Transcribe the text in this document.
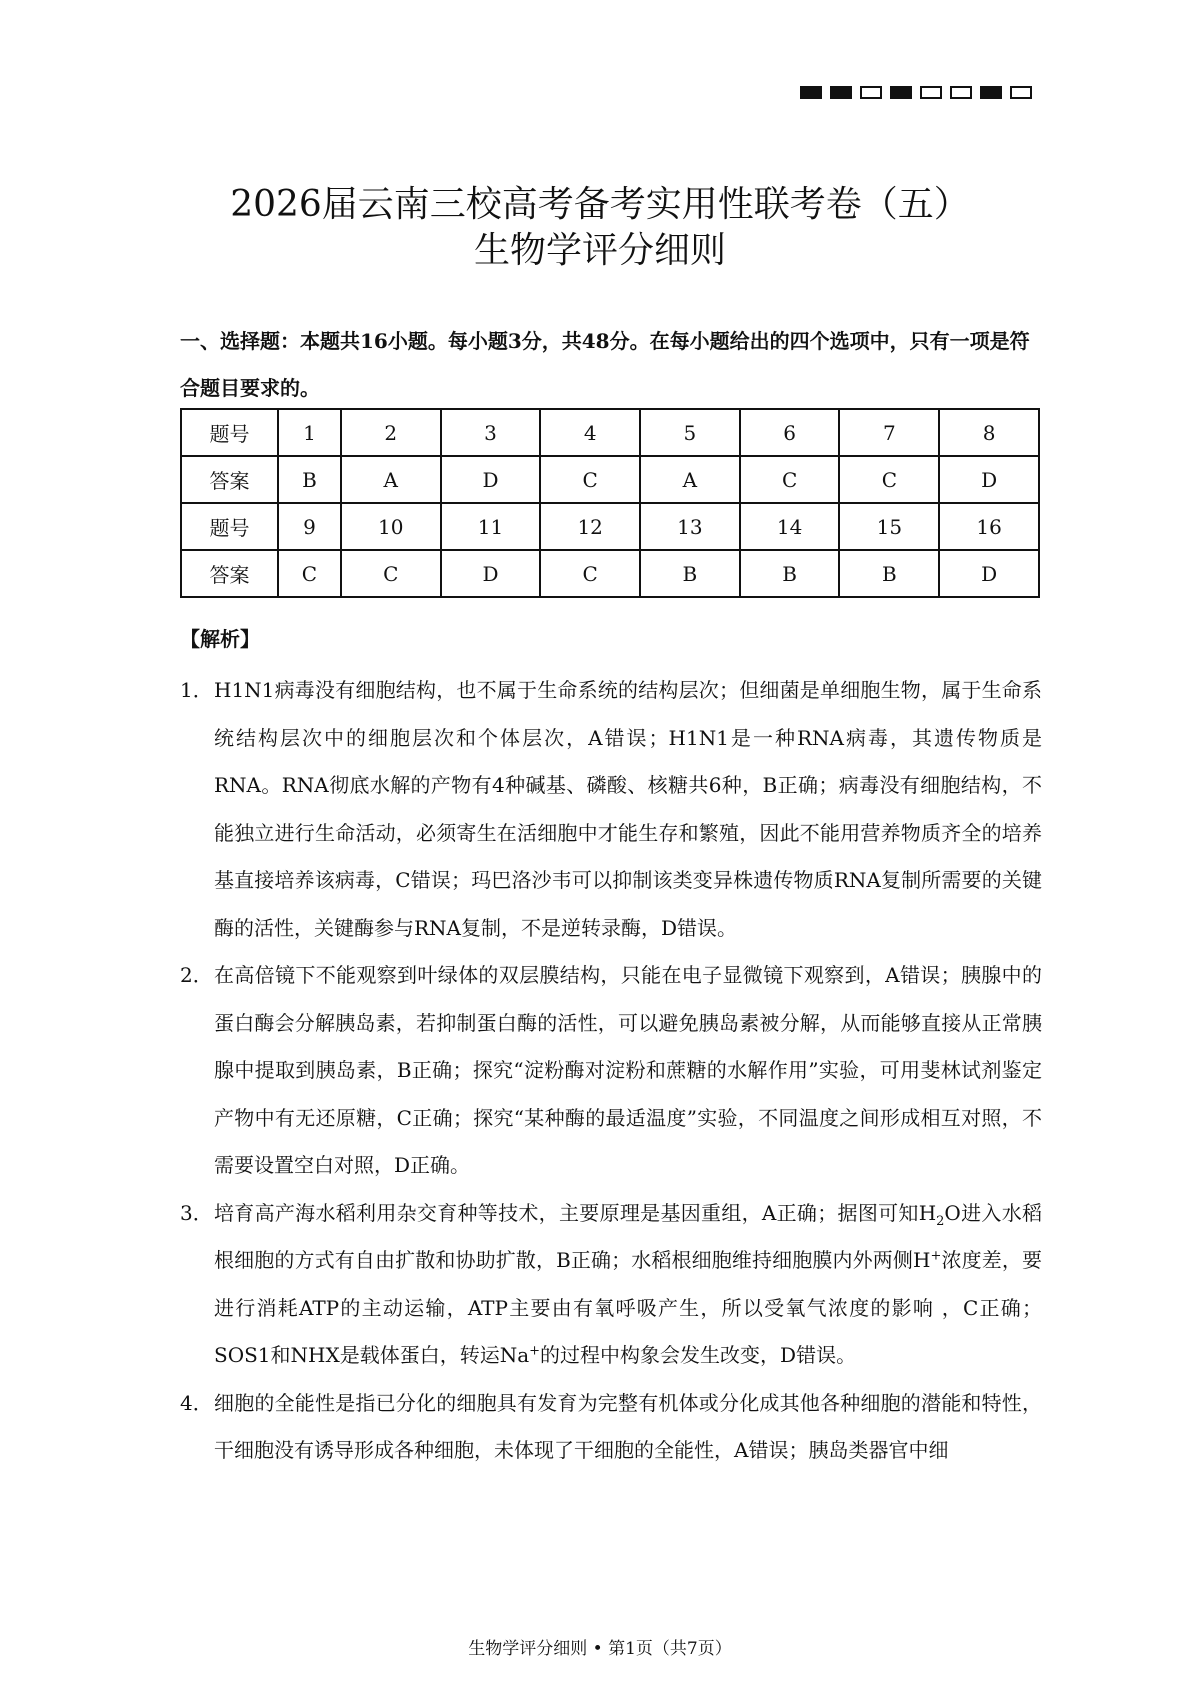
2026届云南三校高考备考实用性联考卷（五）
生物学评分细则

一、选择题：本题共16小题。每小题3分，共48分。在每小题给出的四个选项中，只有一项是符合题目要求的。

题号	1	2	3	4	5	6	7	8
答案	B	A	D	C	A	C	C	D
题号	9	10	11	12	13	14	15	16
答案	C	C	D	C	B	B	B	D

【解析】

1． H1N1病毒没有细胞结构，也不属于生命系统的结构层次；但细菌是单细胞生物，属于生命系统结构层次中的细胞层次和个体层次，A错误；H1N1是一种RNA病毒，其遗传物质是RNA。RNA彻底水解的产物有4种碱基、磷酸、核糖共6种，B正确；病毒没有细胞结构，不能独立进行生命活动，必须寄生在活细胞中才能生存和繁殖，因此不能用营养物质齐全的培养基直接培养该病毒，C错误；玛巴洛沙韦可以抑制该类变异株遗传物质RNA复制所需要的关键酶的活性，关键酶参与RNA复制，不是逆转录酶，D错误。
2． 在高倍镜下不能观察到叶绿体的双层膜结构，只能在电子显微镜下观察到，A错误；胰腺中的蛋白酶会分解胰岛素，若抑制蛋白酶的活性，可以避免胰岛素被分解，从而能够直接从正常胰腺中提取到胰岛素，B正确；探究“淀粉酶对淀粉和蔗糖的水解作用”实验，可用斐林试剂鉴定产物中有无还原糖，C正确；探究“某种酶的最适温度”实验，不同温度之间形成相互对照，不需要设置空白对照，D正确。
3． 培育高产海水稻利用杂交育种等技术，主要原理是基因重组，A正确；据图可知$H_2O$进入水稻根细胞的方式有自由扩散和协助扩散，B正确；水稻根细胞维持细胞膜内外两侧H+浓度差，要进行消耗ATP的主动运输，ATP主要由有氧呼吸产生，所以受氧气浓度的影响 ，C正确；SOS1和NHX是载体蛋白，转运Na+的过程中构象会发生改变，D错误。
4． 细胞的全能性是指已分化的细胞具有发育为完整有机体或分化成其他各种细胞的潜能和特性，干细胞没有诱导形成各种细胞，未体现了干细胞的全能性，A错误；胰岛类器官中细
生物学评分细则 • 第1页（共7页）
